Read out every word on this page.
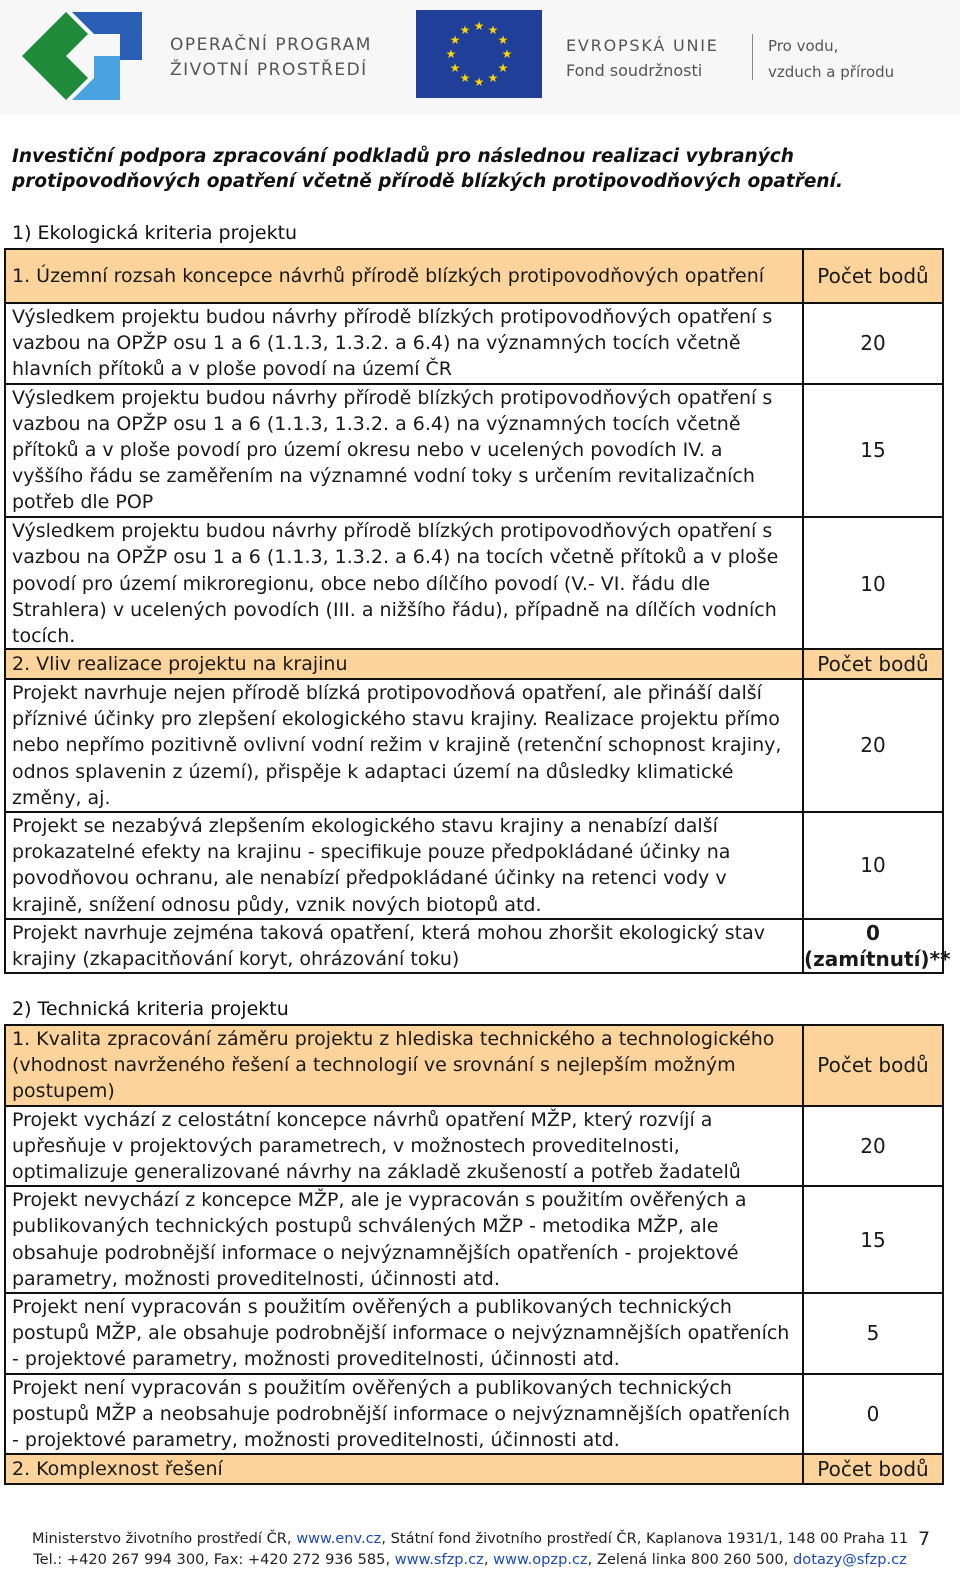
OPERAČNÍ PROGRAM
ŽIVOTNÍ PROSTŘEDÍ
★ ★
★
★
★
★
★
★
★
★
★
★
EVROPSKÁ UNIE
Fond soudržnosti
Pro vodu,
vzduch a přírodu
Investiční podpora zpracování podkladů pro následnou realizaci vybraných
protipovodňových opatření včetně přírodě blízkých protipovodňových opatření.
1) Ekologická kriteria projektu
1. Územní rozsah koncepce návrhů přírodě blízkých protipovodňových opatření	Počet bodů
Výsledkem projektu budou návrhy přírodě blízkých protipovodňových opatření s vazbou na OPŽP osu 1 a 6 (1.1.3, 1.3.2. a 6.4) na významných tocích včetně hlavních přítoků a v ploše povodí na území ČR	20
Výsledkem projektu budou návrhy přírodě blízkých protipovodňových opatření s vazbou na OPŽP osu 1 a 6 (1.1.3, 1.3.2. a 6.4) na významných tocích včetně přítoků a v ploše povodí pro území okresu nebo v ucelených povodích IV. a vyššího řádu se zaměřením na významné vodní toky s určením revitalizačních potřeb dle POP	15
Výsledkem projektu budou návrhy přírodě blízkých protipovodňových opatření s vazbou na OPŽP osu 1 a 6 (1.1.3, 1.3.2. a 6.4) na tocích včetně přítoků a v ploše povodí pro území mikroregionu, obce nebo dílčího povodí (V.- VI. řádu dle Strahlera) v ucelených povodích (III. a nižšího řádu), případně na dílčích vodních tocích.	10
2. Vliv realizace projektu na krajinu	Počet bodů
Projekt navrhuje nejen přírodě blízká protipovodňová opatření, ale přináší další příznivé účinky pro zlepšení ekologického stavu krajiny. Realizace projektu přímo nebo nepřímo pozitivně ovlivní vodní režim v krajině (retenční schopnost krajiny, odnos splavenin z území), přispěje k adaptaci území na důsledky klimatické změny, aj.	20
Projekt se nezabývá zlepšením ekologického stavu krajiny a nenabízí další prokazatelné efekty na krajinu - specifikuje pouze předpokládané účinky na povodňovou ochranu, ale nenabízí předpokládané účinky na retenci vody v krajině, snížení odnosu půdy, vznik nových biotopů atd.	10
Projekt navrhuje zejména taková opatření, která mohou zhoršit ekologický stav krajiny (zkapacitňování koryt, ohrázování toku)	0
(zamítnutí)**
2) Technická kriteria projektu
1. Kvalita zpracování záměru projektu z hlediska technického a technologického (vhodnost navrženého řešení a technologií ve srovnání s nejlepším možným postupem)	Počet bodů
Projekt vychází z celostátní koncepce návrhů opatření MŽP, který rozvíjí a upřesňuje v projektových parametrech, v možnostech proveditelnosti, optimalizuje generalizované návrhy na základě zkušeností a potřeb žadatelů	20
Projekt nevychází z koncepce MŽP, ale je vypracován s použitím ověřených a publikovaných technických postupů schválených MŽP - metodika MŽP, ale obsahuje podrobnější informace o nejvýznamnějších opatřeních - projektové parametry, možnosti proveditelnosti, účinnosti atd.	15
Projekt není vypracován s použitím ověřených a publikovaných technických postupů MŽP, ale obsahuje podrobnější informace o nejvýznamnějších opatřeních - projektové parametry, možnosti proveditelnosti, účinnosti atd.	5
Projekt není vypracován s použitím ověřených a publikovaných technických postupů MŽP a neobsahuje podrobnější informace o nejvýznamnějších opatřeních - projektové parametry, možnosti proveditelnosti, účinnosti atd.	0
2. Komplexnost řešení	Počet bodů
Ministerstvo životního prostředí ČR, www.env.cz, Státní fond životního prostředí ČR, Kaplanova 1931/1, 148 00 Praha 11
Tel.: +420 267 994 300, Fax: +420 272 936 585, www.sfzp.cz, www.opzp.cz, Zelená linka 800 260 500, dotazy@sfzp.cz
7
